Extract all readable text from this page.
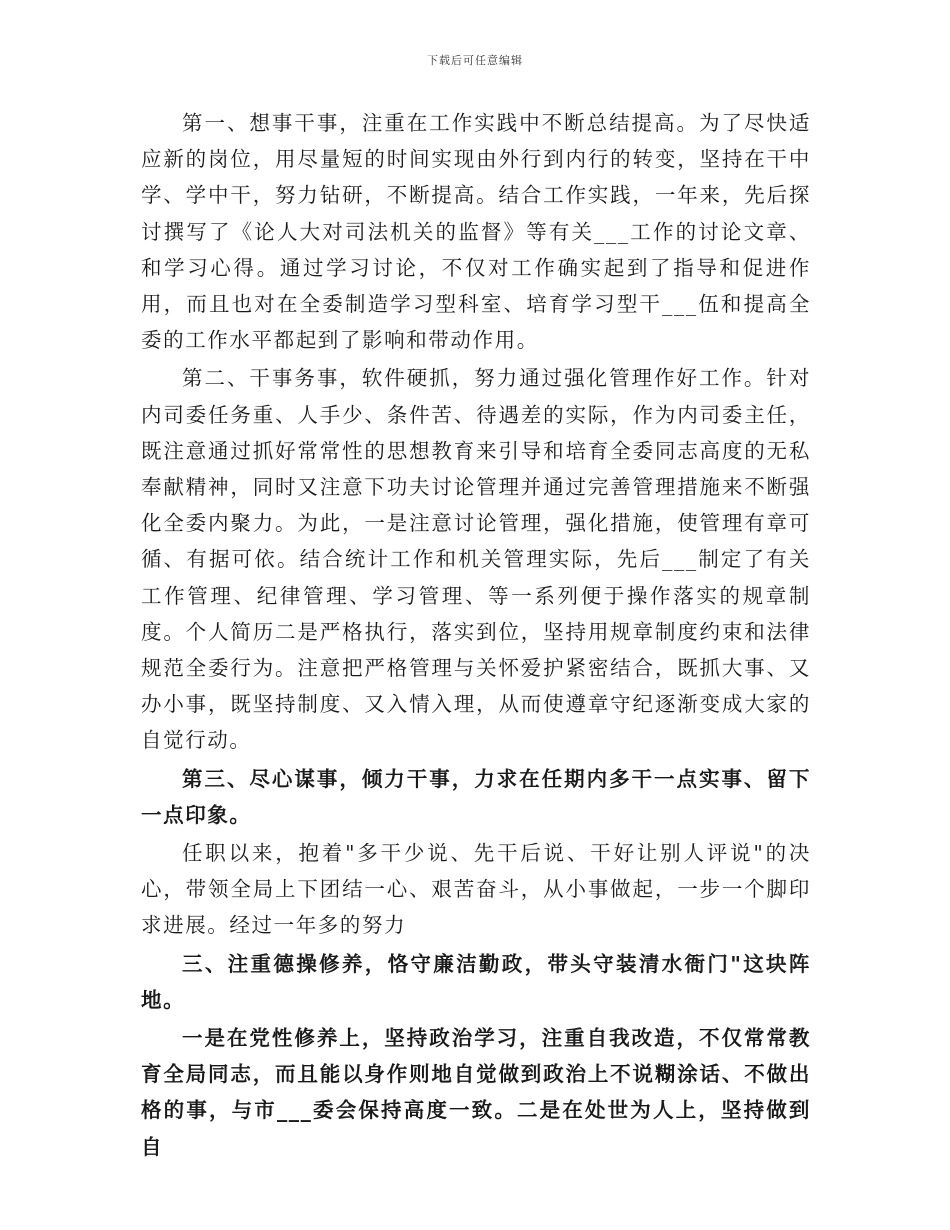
下载后可任意编辑

第一、想事干事，注重在工作实践中不断总结提高。为了尽快适应新的岗位，用尽量短的时间实现由外行到内行的转变，坚持在干中学、学中干，努力钻研，不断提高。结合工作实践，一年来，先后探讨撰写了《论人大对司法机关的监督》等有关___工作的讨论文章、和学习心得。通过学习讨论，不仅对工作确实起到了指导和促进作用，而且也对在全委制造学习型科室、培育学习型干___伍和提高全委的工作水平都起到了影响和带动作用。

第二、干事务事，软件硬抓，努力通过强化管理作好工作。针对内司委任务重、人手少、条件苦、待遇差的实际，作为内司委主任，既注意通过抓好常常性的思想教育来引导和培育全委同志高度的无私奉献精神，同时又注意下功夫讨论管理并通过完善管理措施来不断强化全委内聚力。为此，一是注意讨论管理，强化措施，使管理有章可循、有据可依。结合统计工作和机关管理实际，先后___制定了有关工作管理、纪律管理、学习管理、等一系列便于操作落实的规章制度。个人简历二是严格执行，落实到位，坚持用规章制度约束和法律规范全委行为。注意把严格管理与关怀爱护紧密结合，既抓大事、又办小事，既坚持制度、又入情入理，从而使遵章守纪逐渐变成大家的自觉行动。

第三、尽心谋事，倾力干事，力求在任期内多干一点实事、留下一点印象。

任职以来，抱着"多干少说、先干后说、干好让别人评说"的决心，带领全局上下团结一心、艰苦奋斗，从小事做起，一步一个脚印求进展。经过一年多的努力

三、注重德操修养，恪守廉洁勤政，带头守装清水衙门"这块阵地。

一是在党性修养上，坚持政治学习，注重自我改造，不仅常常教育全局同志，而且能以身作则地自觉做到政治上不说糊涂话、不做出格的事，与市___委会保持高度一致。二是在处世为人上，坚持做到自
